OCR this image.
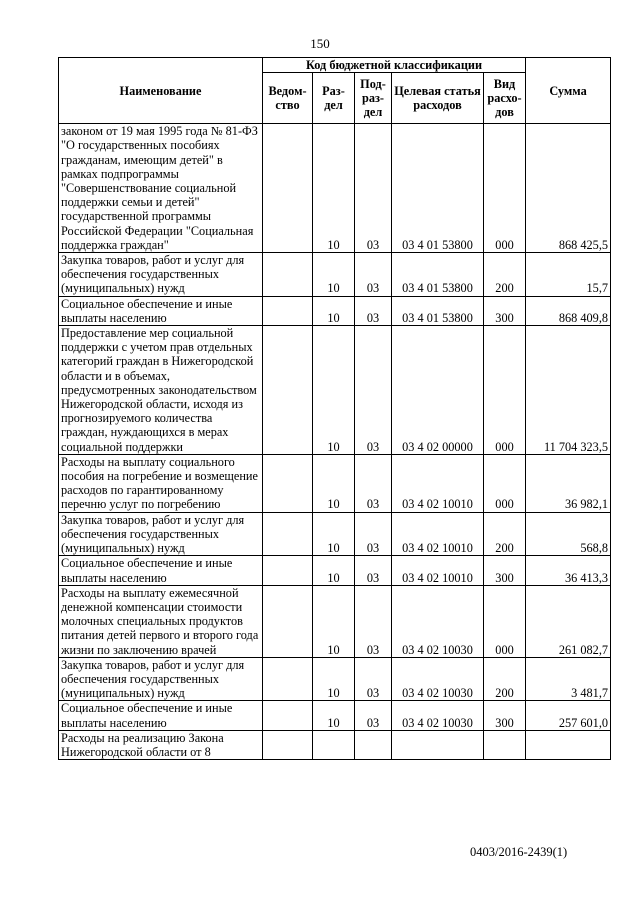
150
Наименование	Код бюджетной классификации					Сумма
	Ведом-ство	Раз-дел	Под-раз-дел	Целевая статья расходов	Вид расхо-дов	
законом от 19 мая 1995 года № 81-ФЗ "О государственных пособиях гражданам, имеющим детей" в рамках подпрограммы "Совершенствование социальной поддержки семьи и детей" государственной программы Российской Федерации "Социальная поддержка граждан"		10	03	03 4 01 53800	000	868 425,5
Закупка товаров, работ и услуг для обеспечения государственных (муниципальных) нужд		10	03	03 4 01 53800	200	15,7
Социальное обеспечение и иные выплаты населению		10	03	03 4 01 53800	300	868 409,8
Предоставление мер социальной поддержки с учетом прав отдельных категорий граждан в Нижегородской области и в объемах, предусмотренных законодательством Нижегородской области, исходя из прогнозируемого количества граждан, нуждающихся в мерах социальной поддержки		10	03	03 4 02 00000	000	11 704 323,5
Расходы на выплату социального пособия на погребение и возмещение расходов по гарантированному перечню услуг по погребению		10	03	03 4 02 10010	000	36 982,1
Закупка товаров, работ и услуг для обеспечения государственных (муниципальных) нужд		10	03	03 4 02 10010	200	568,8
Социальное обеспечение и иные выплаты населению		10	03	03 4 02 10010	300	36 413,3
Расходы на выплату ежемесячной денежной компенсации стоимости молочных специальных продуктов питания детей первого и второго года жизни по заключению врачей		10	03	03 4 02 10030	000	261 082,7
Закупка товаров, работ и услуг для обеспечения государственных (муниципальных) нужд		10	03	03 4 02 10030	200	3 481,7
Социальное обеспечение и иные выплаты населению		10	03	03 4 02 10030	300	257 601,0
Расходы на реализацию Закона Нижегородской области от 8						
0403/2016-2439(1)
